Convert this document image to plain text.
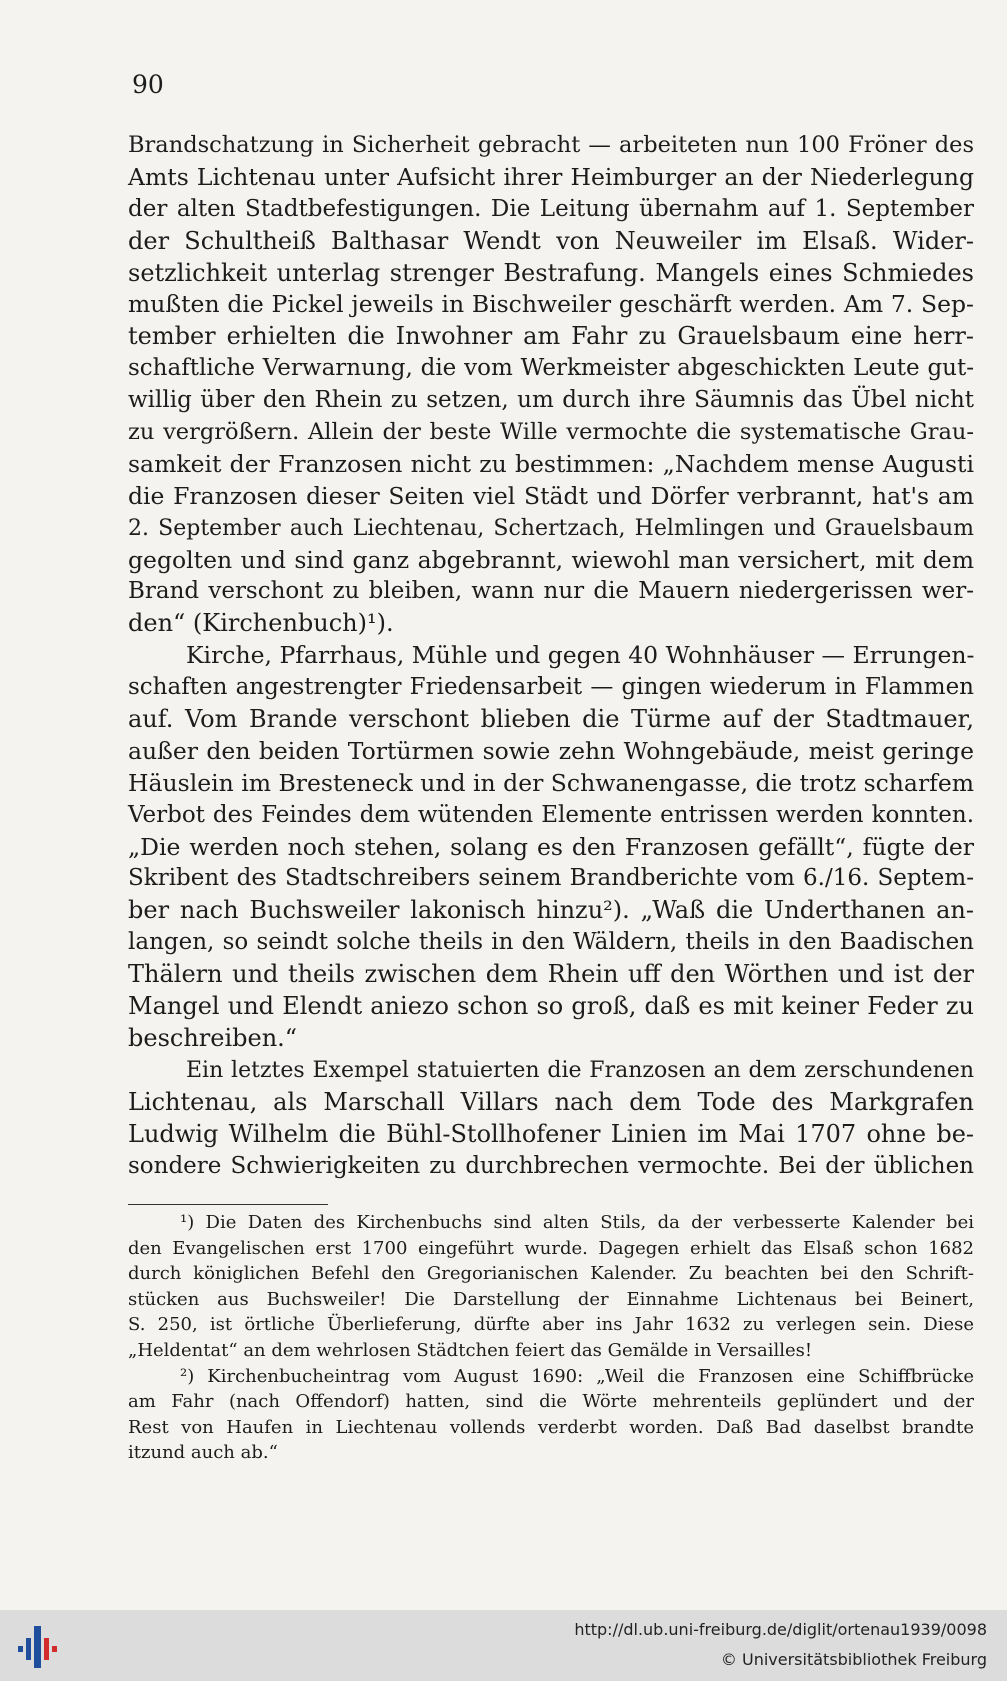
90
Brandschatzung in Sicherheit gebracht — arbeiteten nun 100 Fröner des
Amts Lichtenau unter Aufsicht ihrer Heimburger an der Niederlegung
der alten Stadtbefestigungen. Die Leitung übernahm auf 1. September
der Schultheiß Balthasar Wendt von Neuweiler im Elsaß. Wider-
setzlichkeit unterlag strenger Bestrafung. Mangels eines Schmiedes
mußten die Pickel jeweils in Bischweiler geschärft werden. Am 7. Sep-
tember erhielten die Inwohner am Fahr zu Grauelsbaum eine herr-
schaftliche Verwarnung, die vom Werkmeister abgeschickten Leute gut-
willig über den Rhein zu setzen, um durch ihre Säumnis das Übel nicht
zu vergrößern. Allein der beste Wille vermochte die systematische Grau-
samkeit der Franzosen nicht zu bestimmen: „Nachdem mense Augusti
die Franzosen dieser Seiten viel Städt und Dörfer verbrannt, hat's am
2. September auch Liechtenau, Schertzach, Helmlingen und Grauelsbaum
gegolten und sind ganz abgebrannt, wiewohl man versichert, mit dem
Brand verschont zu bleiben, wann nur die Mauern niedergerissen wer-
den“ (Kirchenbuch)¹).
Kirche, Pfarrhaus, Mühle und gegen 40 Wohnhäuser — Errungen-
schaften angestrengter Friedensarbeit — gingen wiederum in Flammen
auf. Vom Brande verschont blieben die Türme auf der Stadtmauer,
außer den beiden Tortürmen sowie zehn Wohngebäude, meist geringe
Häuslein im Bresteneck und in der Schwanengasse, die trotz scharfem
Verbot des Feindes dem wütenden Elemente entrissen werden konnten.
„Die werden noch stehen, solang es den Franzosen gefällt“, fügte der
Skribent des Stadtschreibers seinem Brandberichte vom 6./16. Septem-
ber nach Buchsweiler lakonisch hinzu²). „Waß die Underthanen an-
langen, so seindt solche theils in den Wäldern, theils in den Baadischen
Thälern und theils zwischen dem Rhein uff den Wörthen und ist der
Mangel und Elendt aniezo schon so groß, daß es mit keiner Feder zu
beschreiben.“
Ein letztes Exempel statuierten die Franzosen an dem zerschundenen
Lichtenau, als Marschall Villars nach dem Tode des Markgrafen
Ludwig Wilhelm die Bühl-Stollhofener Linien im Mai 1707 ohne be-
sondere Schwierigkeiten zu durchbrechen vermochte. Bei der üblichen
¹) Die Daten des Kirchenbuchs sind alten Stils, da der verbesserte Kalender bei
den Evangelischen erst 1700 eingeführt wurde. Dagegen erhielt das Elsaß schon 1682
durch königlichen Befehl den Gregorianischen Kalender. Zu beachten bei den Schrift-
stücken aus Buchsweiler! Die Darstellung der Einnahme Lichtenaus bei Beinert,
S. 250, ist örtliche Überlieferung, dürfte aber ins Jahr 1632 zu verlegen sein. Diese
„Heldentat“ an dem wehrlosen Städtchen feiert das Gemälde in Versailles!
²) Kirchenbucheintrag vom August 1690: „Weil die Franzosen eine Schiffbrücke
am Fahr (nach Offendorf) hatten, sind die Wörte mehrenteils geplündert und der
Rest von Haufen in Liechtenau vollends verderbt worden. Daß Bad daselbst brandte
itzund auch ab.“
http://dl.ub.uni-freiburg.de/diglit/ortenau1939/0098
© Universitätsbibliothek Freiburg
